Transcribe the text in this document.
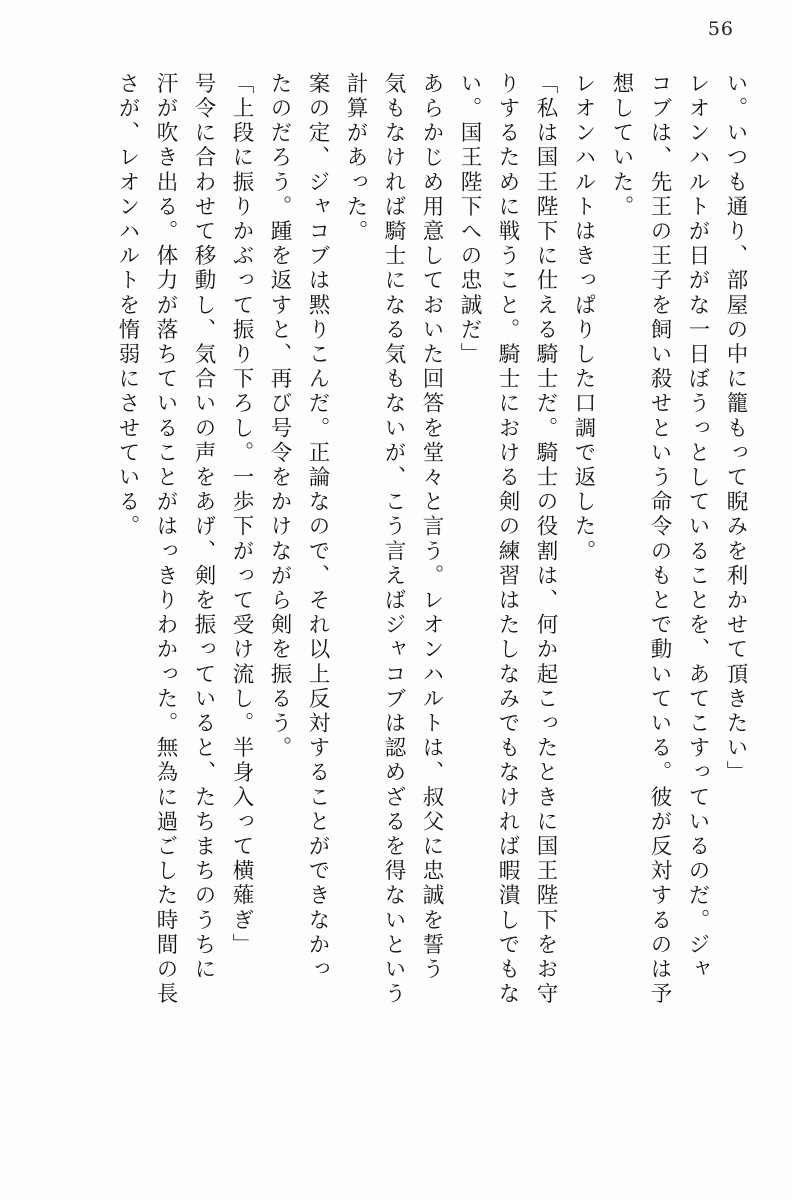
56
い。いつも通り、部屋の中に籠もって睨みを利かせて頂きたい」
レオンハルトが日がな一日ぼうっとしていることを、あてこすっているのだ。ジャ
コブは、先王の王子を飼い殺せという命令のもとで動いている。彼が反対するのは予
想していた。
レオンハルトはきっぱりした口調で返した。
「私は国王陛下に仕える騎士だ。騎士の役割は、何か起こったときに国王陛下をお守
りするために戦うこと。騎士における剣の練習はたしなみでもなければ暇潰しでもな
い。国王陛下への忠誠だ」
あらかじめ用意しておいた回答を堂々と言う。レオンハルトは、叔父に忠誠を誓う
気もなければ騎士になる気もないが、こう言えばジャコブは認めざるを得ないという
計算があった。
案の定、ジャコブは黙りこんだ。正論なので、それ以上反対することができなかっ
たのだろう。踵を返すと、再び号令をかけながら剣を振るう。
「上段に振りかぶって振り下ろし。一歩下がって受け流し。半身入って横薙ぎ」
号令に合わせて移動し、気合いの声をあげ、剣を振っていると、たちまちのうちに
汗が吹き出る。体力が落ちていることがはっきりわかった。無為に過ごした時間の長
さが、レオンハルトを惰弱にさせている。
